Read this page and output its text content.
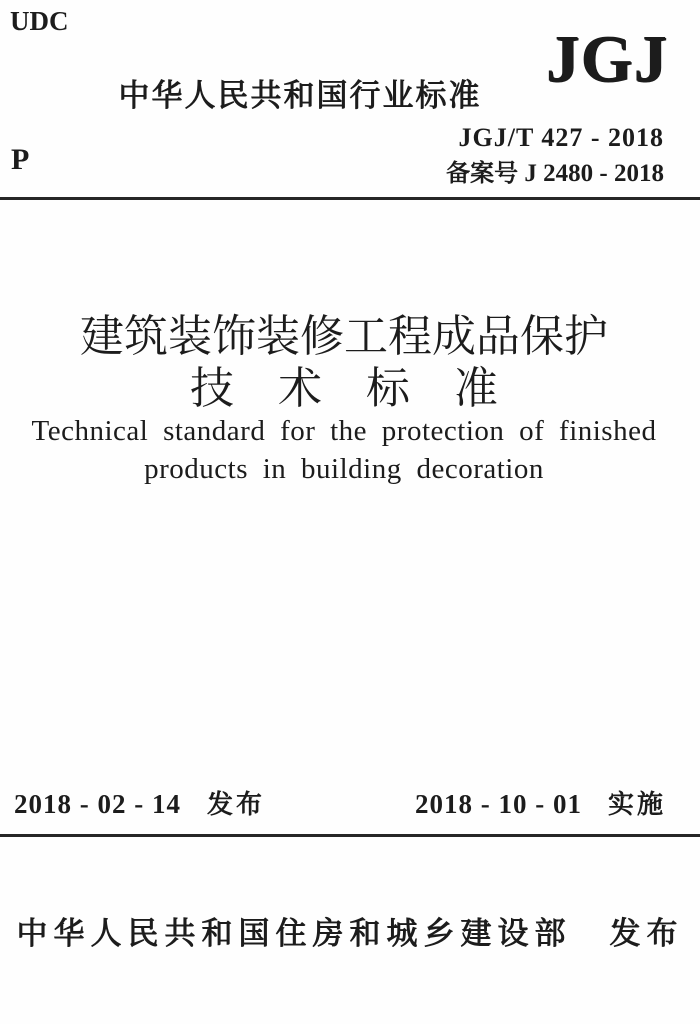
UDC
中华人民共和国行业标准 JGJ
JGJ/T 427 - 2018
备案号 J 2480 - 2018
P
建筑装饰装修工程成品保护
技　术　标　准
Technical standard for the protection of finished
products in building decoration
2018 - 02 - 14 发布	2018 - 10 - 01 实施
中华人民共和国住房和城乡建设部 发布
